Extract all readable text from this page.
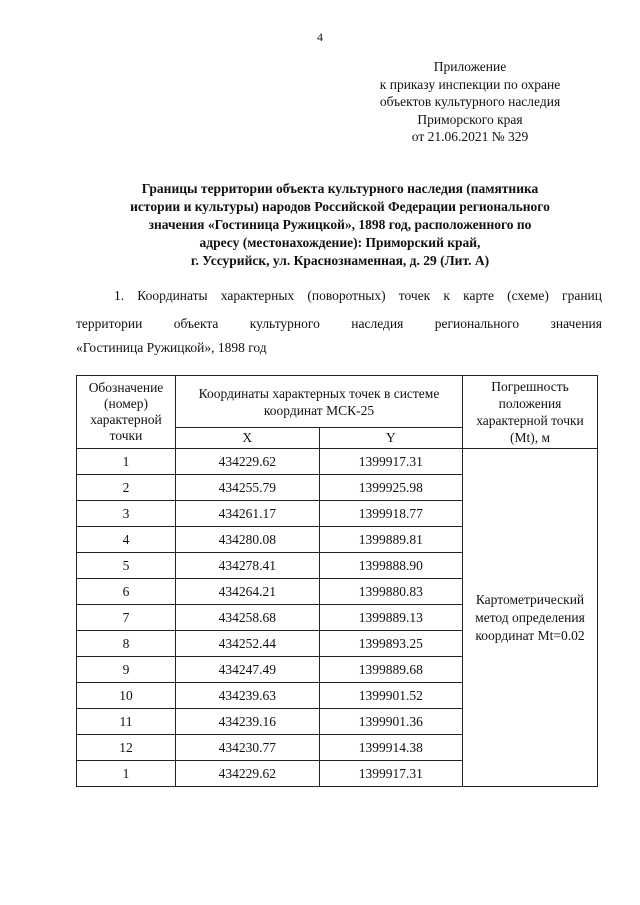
4
Приложение
к приказу инспекции по охране
объектов культурного наследия
Приморского края
от 21.06.2021 № 329
Границы территории объекта культурного наследия (памятника
истории и культуры) народов Российской Федерации регионального
значения «Гостиница Ружицкой», 1898 год, расположенного по
адресу (местонахождение): Приморский край,
г. Уссурийск, ул. Краснознаменная, д. 29 (Лит. А)
1. Координаты характерных (поворотных) точек к карте (схеме) границ
территории объекта культурного наследия регионального значения
«Гостиница Ружицкой», 1898 год
Обозначение (номер) характерной точки	Координаты характерных точек в системе координат МСК-25		Погрешность положения характерной точки (Mt), м
	X	Y	
1	434229.62	1399917.31	Картометрический метод определения координат Mt=0.02
2	434255.79	1399925.98	
3	434261.17	1399918.77	
4	434280.08	1399889.81	
5	434278.41	1399888.90	
6	434264.21	1399880.83	
7	434258.68	1399889.13	
8	434252.44	1399893.25	
9	434247.49	1399889.68	
10	434239.63	1399901.52	
11	434239.16	1399901.36	
12	434230.77	1399914.38	
1	434229.62	1399917.31	
